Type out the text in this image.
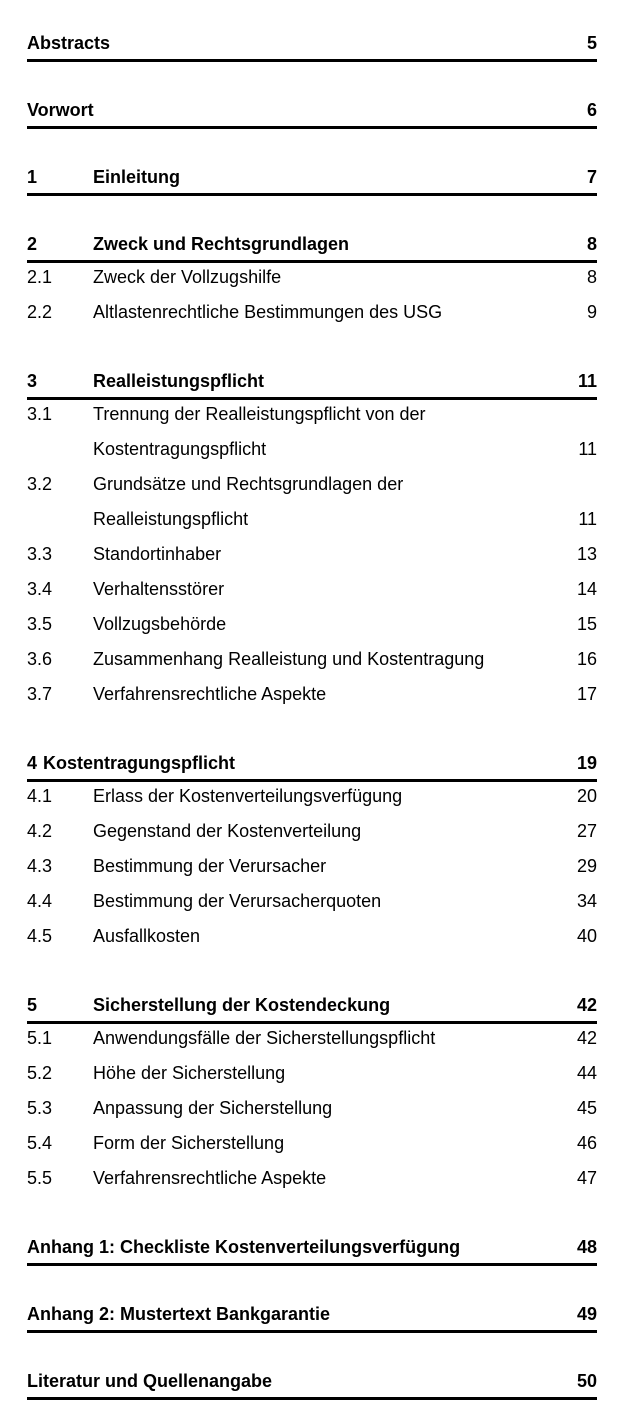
Abstracts	5
Vorwort	6
1	Einleitung	7
2	Zweck und Rechtsgrundlagen	8
2.1	Zweck der Vollzugshilfe	8
2.2	Altlastenrechtliche Bestimmungen des USG	9
3	Realleistungspflicht	11
3.1	Trennung der Realleistungspflicht von der
Kostentragungspflicht	11
3.2	Grundsätze und Rechtsgrundlagen der
Realleistungspflicht	11
3.3	Standortinhaber	13
3.4	Verhaltensstörer	14
3.5	Vollzugsbehörde	15
3.6	Zusammenhang Realleistung und Kostentragung	16
3.7	Verfahrensrechtliche Aspekte	17
4 Kostentragungspflicht	19
4.1	Erlass der Kostenverteilungsverfügung	20
4.2	Gegenstand der Kostenverteilung	27
4.3	Bestimmung der Verursacher	29
4.4	Bestimmung der Verursacherquoten	34
4.5	Ausfallkosten	40
5	Sicherstellung der Kostendeckung	42
5.1	Anwendungsfälle der Sicherstellungspflicht	42
5.2	Höhe der Sicherstellung	44
5.3	Anpassung der Sicherstellung	45
5.4	Form der Sicherstellung	46
5.5	Verfahrensrechtliche Aspekte	47
Anhang 1: Checkliste Kostenverteilungsverfügung	48
Anhang 2: Mustertext Bankgarantie	49
Literatur und Quellenangabe	50
